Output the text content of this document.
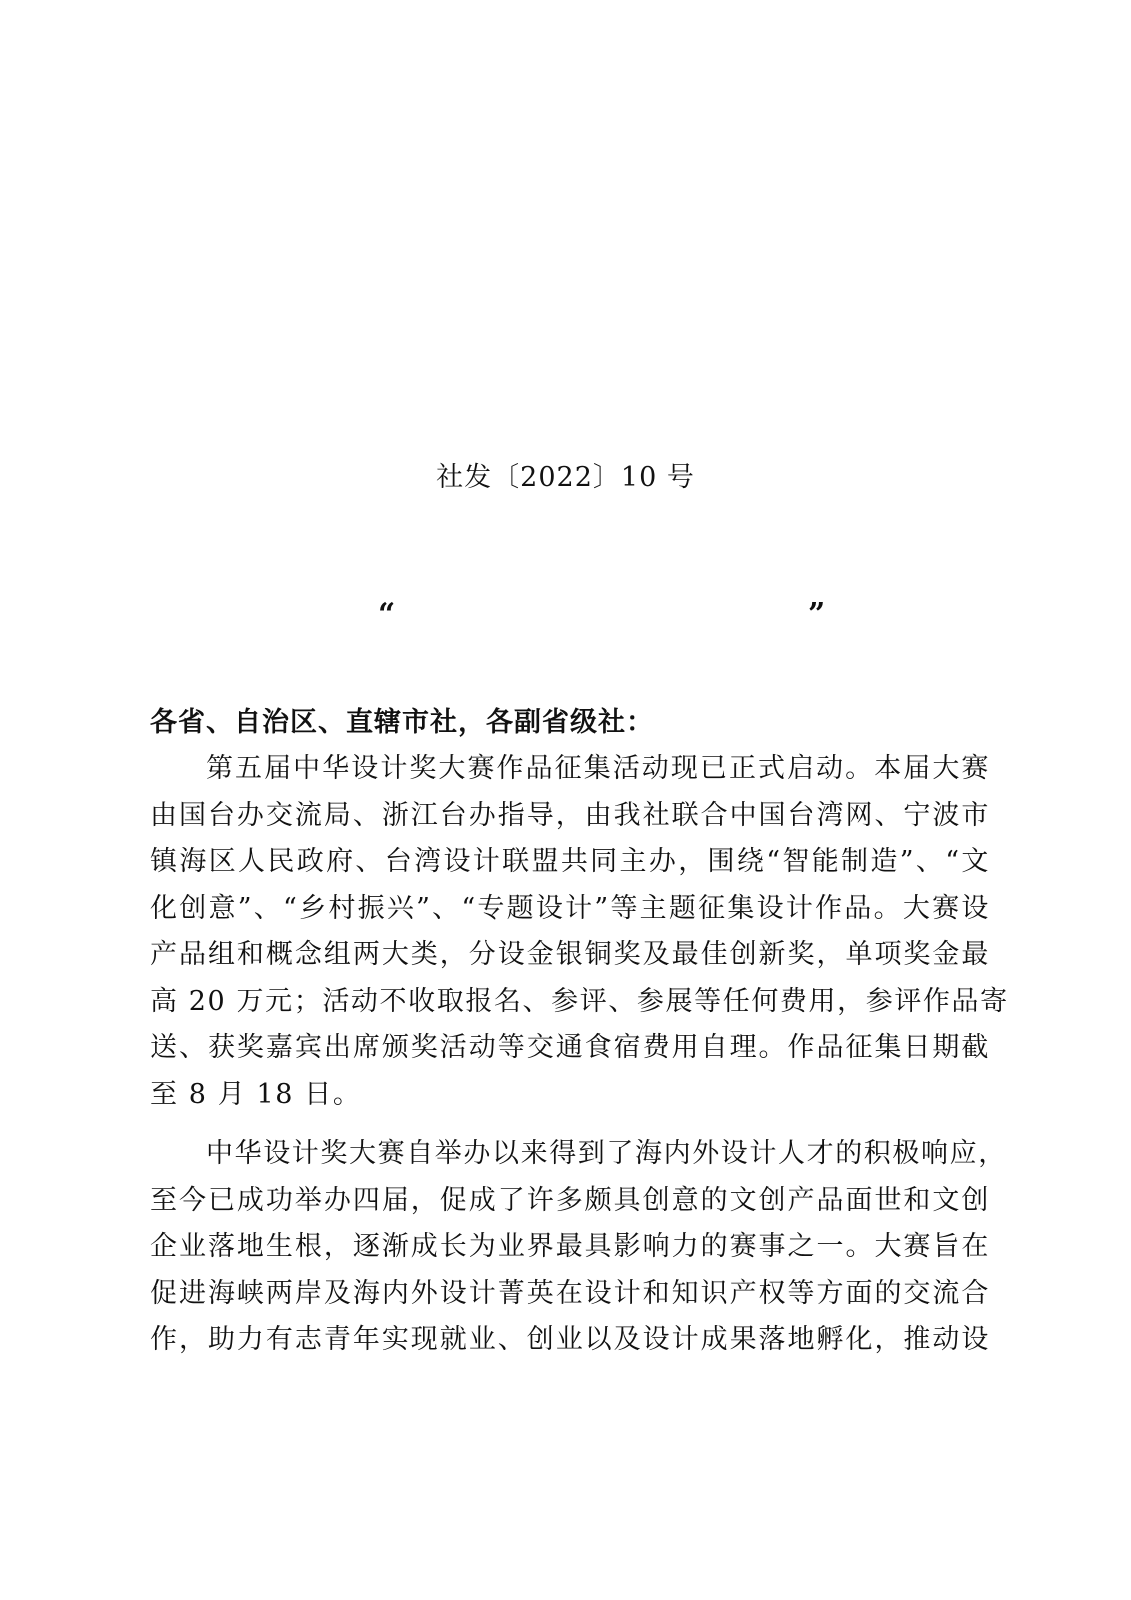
社发〔2022〕10 号
“	”
各省、自治区、直辖市社，各副省级社：
第五届中华设计奖大赛作品征集活动现已正式启动。本届大赛
由国台办交流局、浙江台办指导，由我社联合中国台湾网、宁波市
镇海区人民政府、台湾设计联盟共同主办，围绕“智能制造”、“文
化创意”、“乡村振兴”、“专题设计”等主题征集设计作品。大赛设
产品组和概念组两大类，分设金银铜奖及最佳创新奖，单项奖金最
高 20 万元；活动不收取报名、参评、参展等任何费用，参评作品寄
送、获奖嘉宾出席颁奖活动等交通食宿费用自理。作品征集日期截
至 8 月 18 日。
中华设计奖大赛自举办以来得到了海内外设计人才的积极响应，
至今已成功举办四届，促成了许多颇具创意的文创产品面世和文创
企业落地生根，逐渐成长为业界最具影响力的赛事之一。大赛旨在
促进海峡两岸及海内外设计菁英在设计和知识产权等方面的交流合
作，助力有志青年实现就业、创业以及设计成果落地孵化，推动设
